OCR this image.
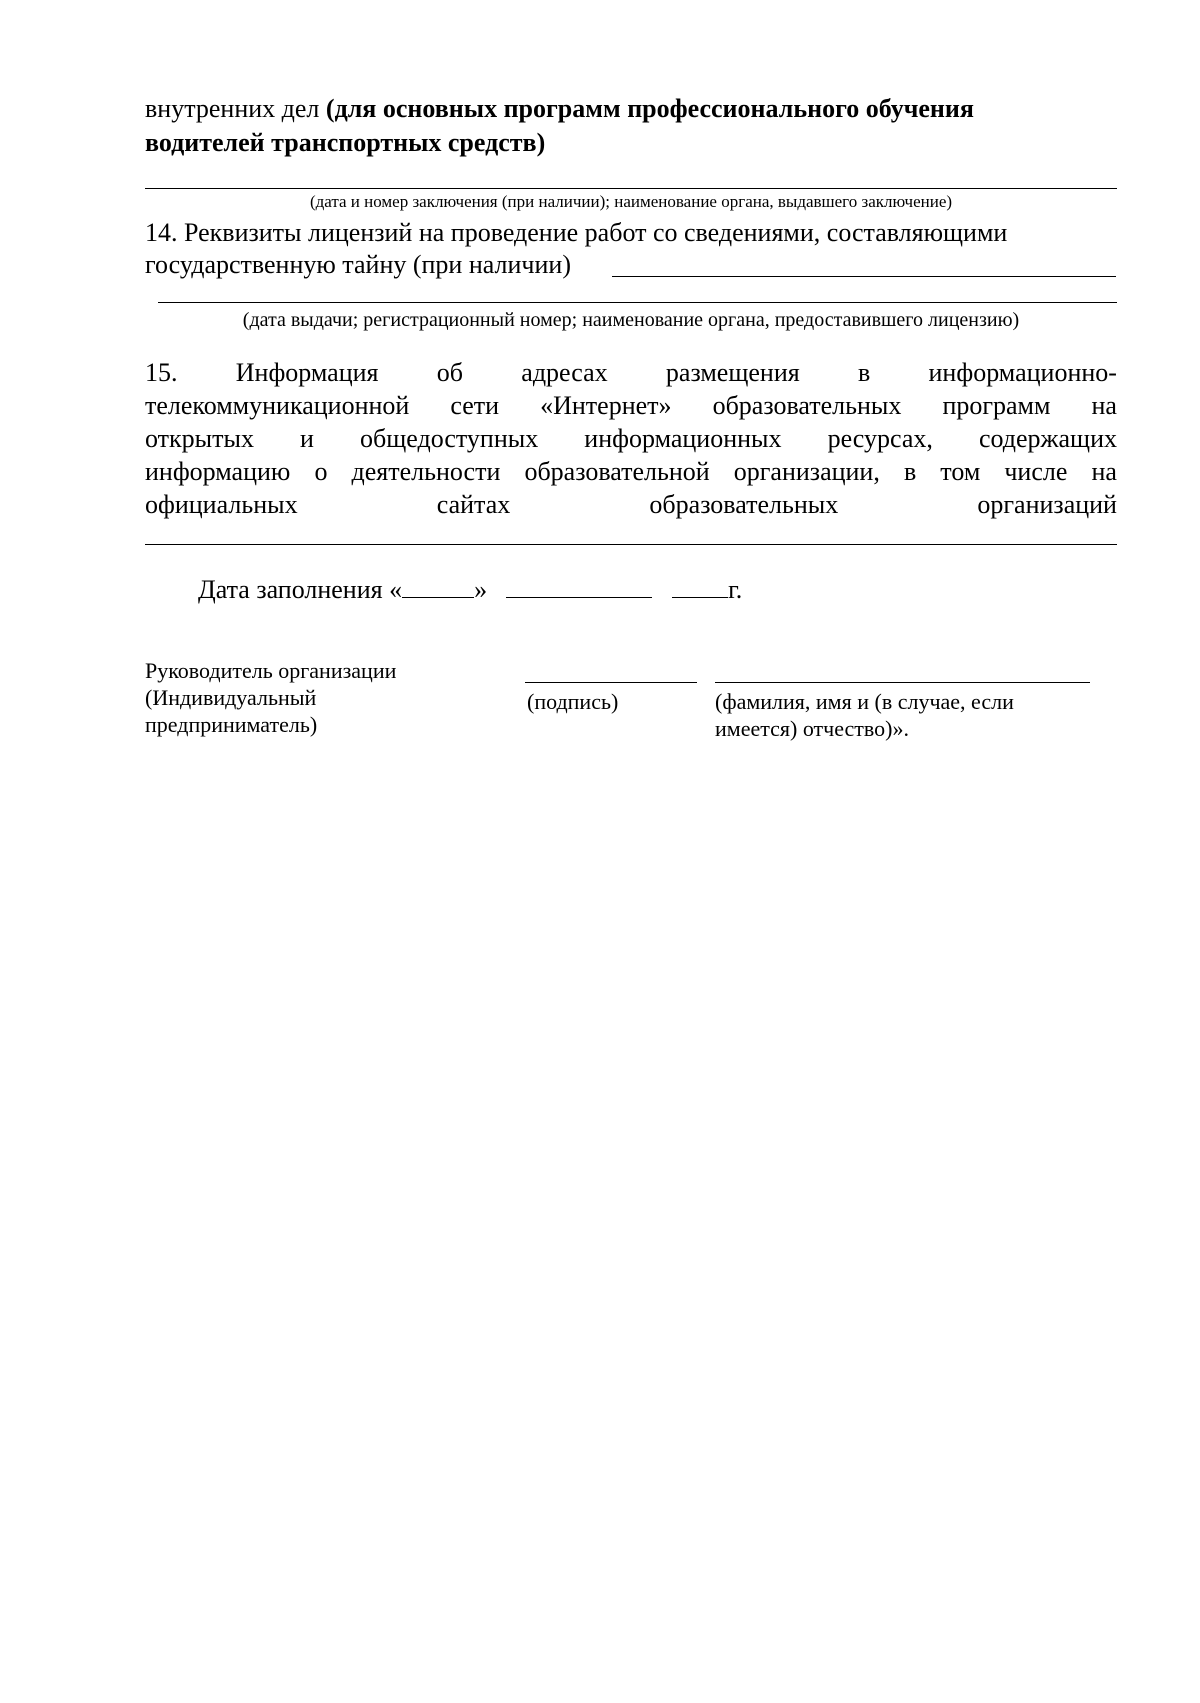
внутренних дел (для основных программ профессионального обучения
водителей транспортных средств)
(дата и номер заключения (при наличии); наименование органа, выдавшего заключение)
14. Реквизиты лицензий на проведение работ со сведениями, составляющими
государственную тайну (при наличии)
(дата выдачи; регистрационный номер; наименование органа, предоставившего лицензию)
15. Информация об адресах размещения в информационно-
телекоммуникационной сети «Интернет» образовательных программ на
открытых и общедоступных информационных ресурсах, содержащих
информацию о деятельности образовательной организации, в том числе на
официальных	сайтах	образовательных	организаций
Дата заполнения «	»	г.
Руководитель организации
(Индивидуальный
предприниматель)
(подпись)	(фамилия, имя и (в случае, если
имеется) отчество)».
